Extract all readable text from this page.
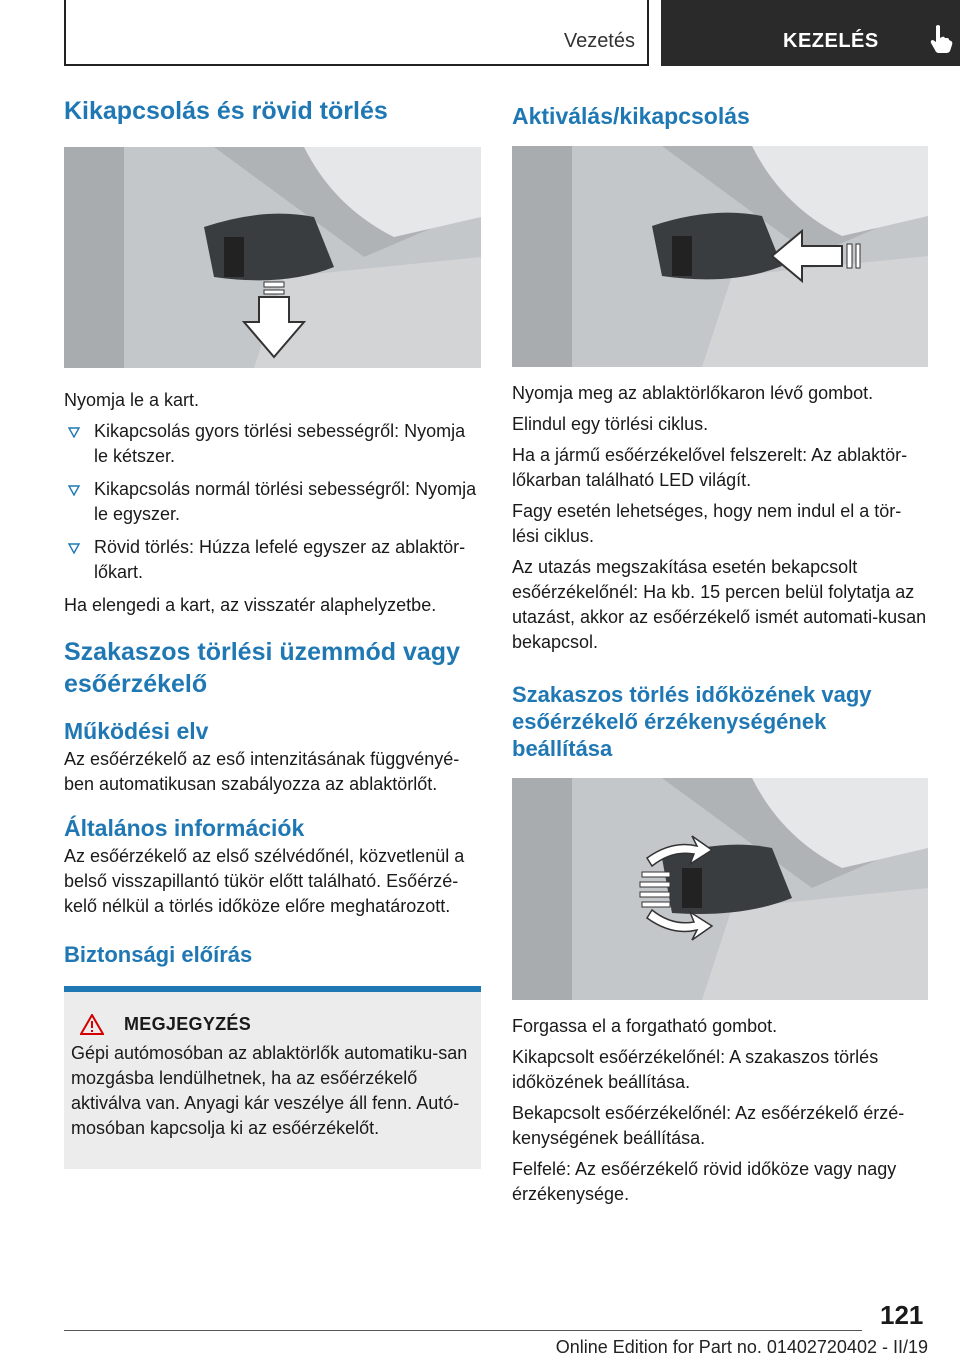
Vezetés	KEZELÉS
Kikapcsolás és rövid törlés

Nyomja le a kart.

Kikapcsolás gyors törlési sebességről: Nyomja le kétszer.
Kikapcsolás normál törlési sebességről: Nyomja le egyszer.
Rövid törlés: Húzza lefelé egyszer az ablaktör-lőkart.

Ha elengedi a kart, az visszatér alaphelyzetbe.

Szakaszos törlési üzemmód vagy esőérzékelő
Működési elv

Az esőérzékelő az eső intenzitásának függvényé-ben automatikusan szabályozza az ablaktörlőt.

Általános információk

Az esőérzékelő az első szélvédőnél, közvetlenül a belső visszapillantó tükör előtt található. Esőérzé-kelő nélkül a törlés időköze előre meghatározott.

Biztonsági előírás
MEGJEGYZÉS

Gépi autómosóban az ablaktörlők automatiku-san mozgásba lendülhetnek, ha az esőérzékelő aktiválva van. Anyagi kár veszélye áll fenn. Autó-mosóban kapcsolja ki az esőérzékelőt.

Aktiválás/kikapcsolás

Nyomja meg az ablaktörlőkaron lévő gombot.

Elindul egy törlési ciklus.

Ha a jármű esőérzékelővel felszerelt: Az ablaktör-lőkarban található LED világít.

Fagy esetén lehetséges, hogy nem indul el a tör-lési ciklus.

Az utazás megszakítása esetén bekapcsolt esőérzékelőnél: Ha kb. 15 percen belül folytatja az utazást, akkor az esőérzékelő ismét automati-kusan bekapcsol.

Szakaszos törlés időközének vagy esőérzékelő érzékenységének beállítása

Forgassa el a forgatható gombot.

Kikapcsolt esőérzékelőnél: A szakaszos törlés időközének beállítása.

Bekapcsolt esőérzékelőnél: Az esőérzékelő érzé-kenységének beállítása.

Felfelé: Az esőérzékelő rövid időköze vagy nagy érzékenysége.

121
Online Edition for Part no. 01402720402 - II/19
